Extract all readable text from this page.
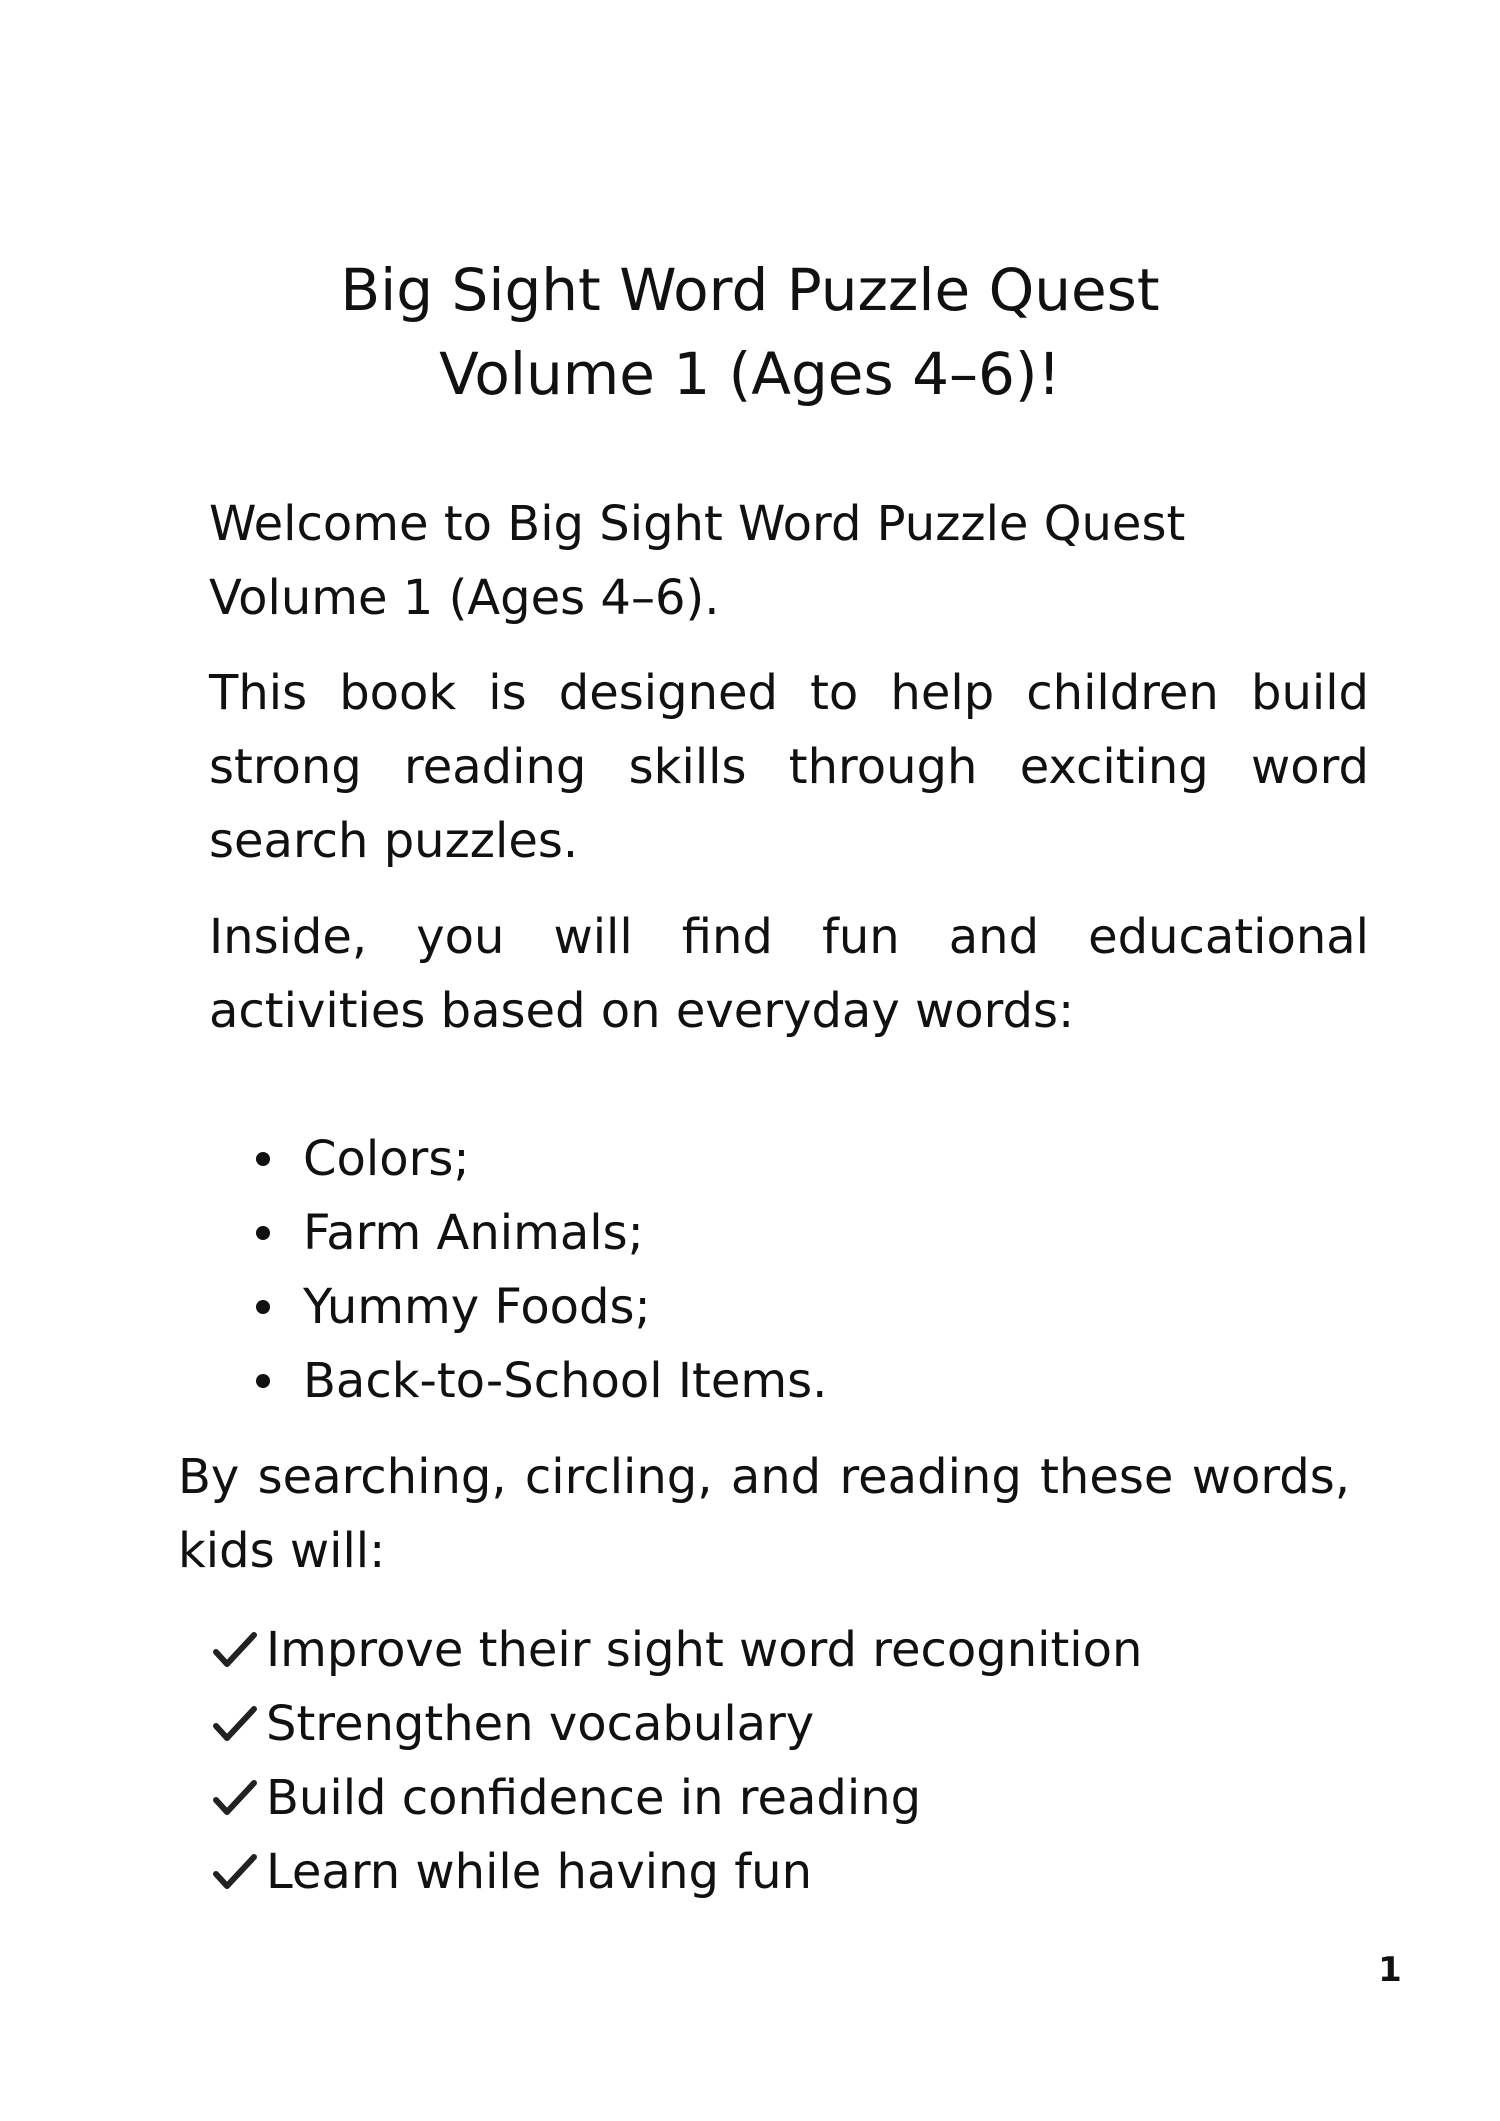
Big Sight Word Puzzle Quest
Volume 1 (Ages 4–6)!

Welcome to Big Sight Word Puzzle Quest Volume 1 (Ages 4–6).

This book is designed to help children build strong reading skills through exciting word search puzzles.

Inside, you will find fun and educational activities based on everyday words:

Colors;
Farm Animals;
Yummy Foods;
Back-to-School Items.

By searching, circling, and reading these words, kids will:

Improve their sight word recognition
Strengthen vocabulary
Build confidence in reading
Learn while having fun
1
